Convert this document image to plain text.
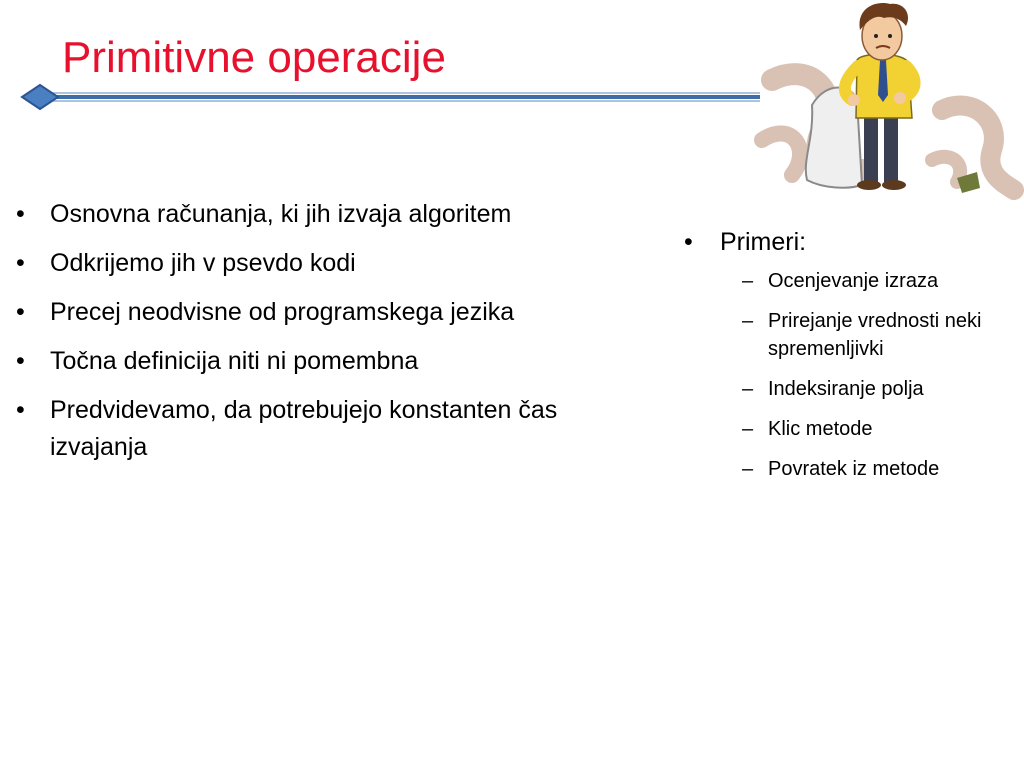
Primitivne operacije
• Osnovna računanja, ki jih izvaja algoritem
• Odkrijemo jih v psevdo kodi
• Precej neodvisne od programskega jezika
• Točna definicija niti ni pomembna
• Predvidevamo, da potrebujejo konstanten čas izvajanja
• Primeri:
– Ocenjevanje izraza
– Prirejanje vrednosti neki spremenljivki
– Indeksiranje polja
– Klic metode
– Povratek iz metode
